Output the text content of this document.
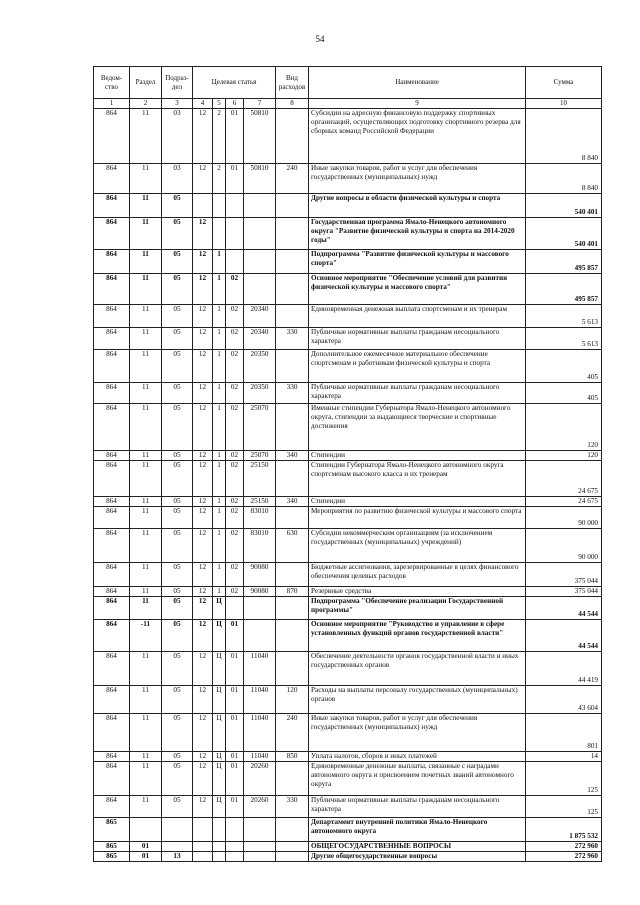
54
Ведом-ство	Раздел	Подраз-дел	Целевая статья				Вид расходов	Наименование	Сумма
1	2	3	4	5	6	7	8	9	10
864	11	03	12	2	01	50810		Субсидии на адресную финансовую поддержку спортивных организаций, осуществляющих подготовку спортивного резерва для сборных команд Российской Федерации	8 840
864	11	03	12	2	01	50810	240	Иные закупки товаров, работ и услуг для обеспечения государственных (муниципальных) нужд	8 840
864	11	05						Другие вопросы в области физической культуры и спорта	540 401
864	11	05	12					Государственная программа Ямало-Ненецкого автономного округа "Развитие физической культуры и спорта на 2014-2020 годы"	540 401
864	11	05	12	1				Подпрограмма "Развитие физической культуры и массового спорта"	495 857
864	11	05	12	1	02			Основное мероприятие "Обеспечение условий для развития физической культуры и массового спорта"	495 857
864	11	05	12	1	02	20340		Единовременная денежная выплата спортсменам и их тренерам	5 613
864	11	05	12	1	02	20340	330	Публичные нормативные выплаты гражданам несоциального характера	5 613
864	11	05	12	1	02	20350		Дополнительное ежемесячное материальное обеспечение спортсменам и работникам физической культуры и спорта	405
864	11	05	12	1	02	20350	330	Публичные нормативные выплаты гражданам несоциального характера	405
864	11	05	12	1	02	25070		Именные стипендии Губернатора Ямало-Ненецкого автономного округа, стипендии за выдающиеся творческие и спортивные достижения	120
864	11	05	12	1	02	25070	340	Стипендии	120
864	11	05	12	1	02	25150		Стипендии Губернатора Ямало-Ненецкого автономного округа спортсменам высокого класса и их тренерам	24 675
864	11	05	12	1	02	25150	340	Стипендии	24 675
864	11	05	12	1	02	83010		Мероприятия по развитию физической культуры и массового спорта	90 000
864	11	05	12	1	02	83010	630	Субсидии некоммерческим организациям (за исключением государственных (муниципальных) учреждений)	90 000
864	11	05	12	1	02	90080		Бюджетные ассигнования, зарезервированные в целях финансового обеспечения целевых расходов	375 044
864	11	05	12	1	02	90080	870	Резервные средства	375 044
864	11	05	12	Ц				Подпрограмма "Обеспечение реализации Государственной программы"	44 544
864	-11	05	12	Ц	01			Основное мероприятие "Руководство и управление в сфере установленных функций органов государственной власти"	44 544
864	11	05	12	Ц	01	11040		Обеспечение деятельности органов государственной власти и иных государственных органов	44 419
864	11	05	12	Ц	01	11040	120	Расходы на выплаты персоналу государственных (муниципальных) органов	43 604
864	11	05	12	Ц	01	11040	240	Иные закупки товаров, работ и услуг для обеспечения государственных (муниципальных) нужд	801
864	11	05	12	Ц	01	11040	850	Уплата налогов, сборов и иных платежей	14
864	11	05	12	Ц	01	20260		Единовременные денежные выплаты, связанные с наградами автономного округа и присвоением почетных званий автономного округа	125
864	11	05	12	Ц	01	20260	330	Публичные нормативные выплаты гражданам несоциального характера	125
865								Департамент внутренней политики Ямало-Ненецкого автономного округа	1 875 532
865	01							ОБЩЕГОСУДАРСТВЕННЫЕ ВОПРОСЫ	272 960
865	01	13						Другие общегосударственные вопросы	272 960
